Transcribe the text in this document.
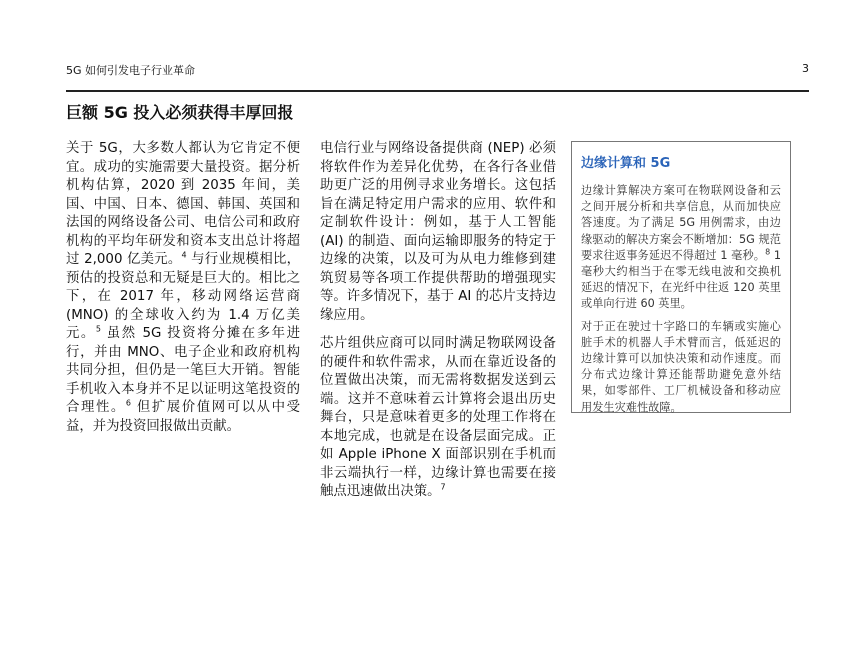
5G 如何引发电子行业革命	3
巨额 5G 投入必须获得丰厚回报

关于 5G，大多数人都认为它肯定不便宜。成功的实施需要大量投资。据分析机构估算，2020 到 2035 年间，美国、中国、日本、德国、韩国、英国和法国的网络设备公司、电信公司和政府机构的平均年研发和资本支出总计将超过 2,000 亿美元。$^4$ 与行业规模相比，预估的投资总和无疑是巨大的。相比之下，在 2017 年，移动网络运营商 (MNO) 的全球收入约为 1.4 万亿美元。$^5$ 虽然 5G 投资将分摊在多年进行，并由 MNO、电子企业和政府机构共同分担，但仍是一笔巨大开销。智能手机收入本身并不足以证明这笔投资的合理性。$^6$ 但扩展价值网可以从中受益，并为投资回报做出贡献。

电信行业与网络设备提供商 (NEP) 必须将软件作为差异化优势，在各行各业借助更广泛的用例寻求业务增长。这包括旨在满足特定用户需求的应用、软件和定制软件设计：例如，基于人工智能 (AI) 的制造、面向运输即服务的特定于边缘的决策，以及可为从电力维修到建筑贸易等各项工作提供帮助的增强现实等。许多情况下，基于 AI 的芯片支持边缘应用。

芯片组供应商可以同时满足物联网设备的硬件和软件需求，从而在靠近设备的位置做出决策，而无需将数据发送到云端。这并不意味着云计算将会退出历史舞台，只是意味着更多的处理工作将在本地完成，也就是在设备层面完成。正如 Apple iPhone X 面部识别在手机而非云端执行一样，边缘计算也需要在接触点迅速做出决策。$^7$

边缘计算和 5G

边缘计算解决方案可在物联网设备和云之间开展分析和共享信息，从而加快应答速度。为了满足 5G 用例需求，由边缘驱动的解决方案会不断增加：5G 规范要求往返事务延迟不得超过 1 毫秒。$^8$ 1 毫秒大约相当于在零无线电波和交换机延迟的情况下，在光纤中往返 120 英里或单向行进 60 英里。

对于正在驶过十字路口的车辆或实施心脏手术的机器人手术臂而言，低延迟的边缘计算可以加快决策和动作速度。而分布式边缘计算还能帮助避免意外结果，如零部件、工厂机械设备和移动应用发生灾难性故障。
